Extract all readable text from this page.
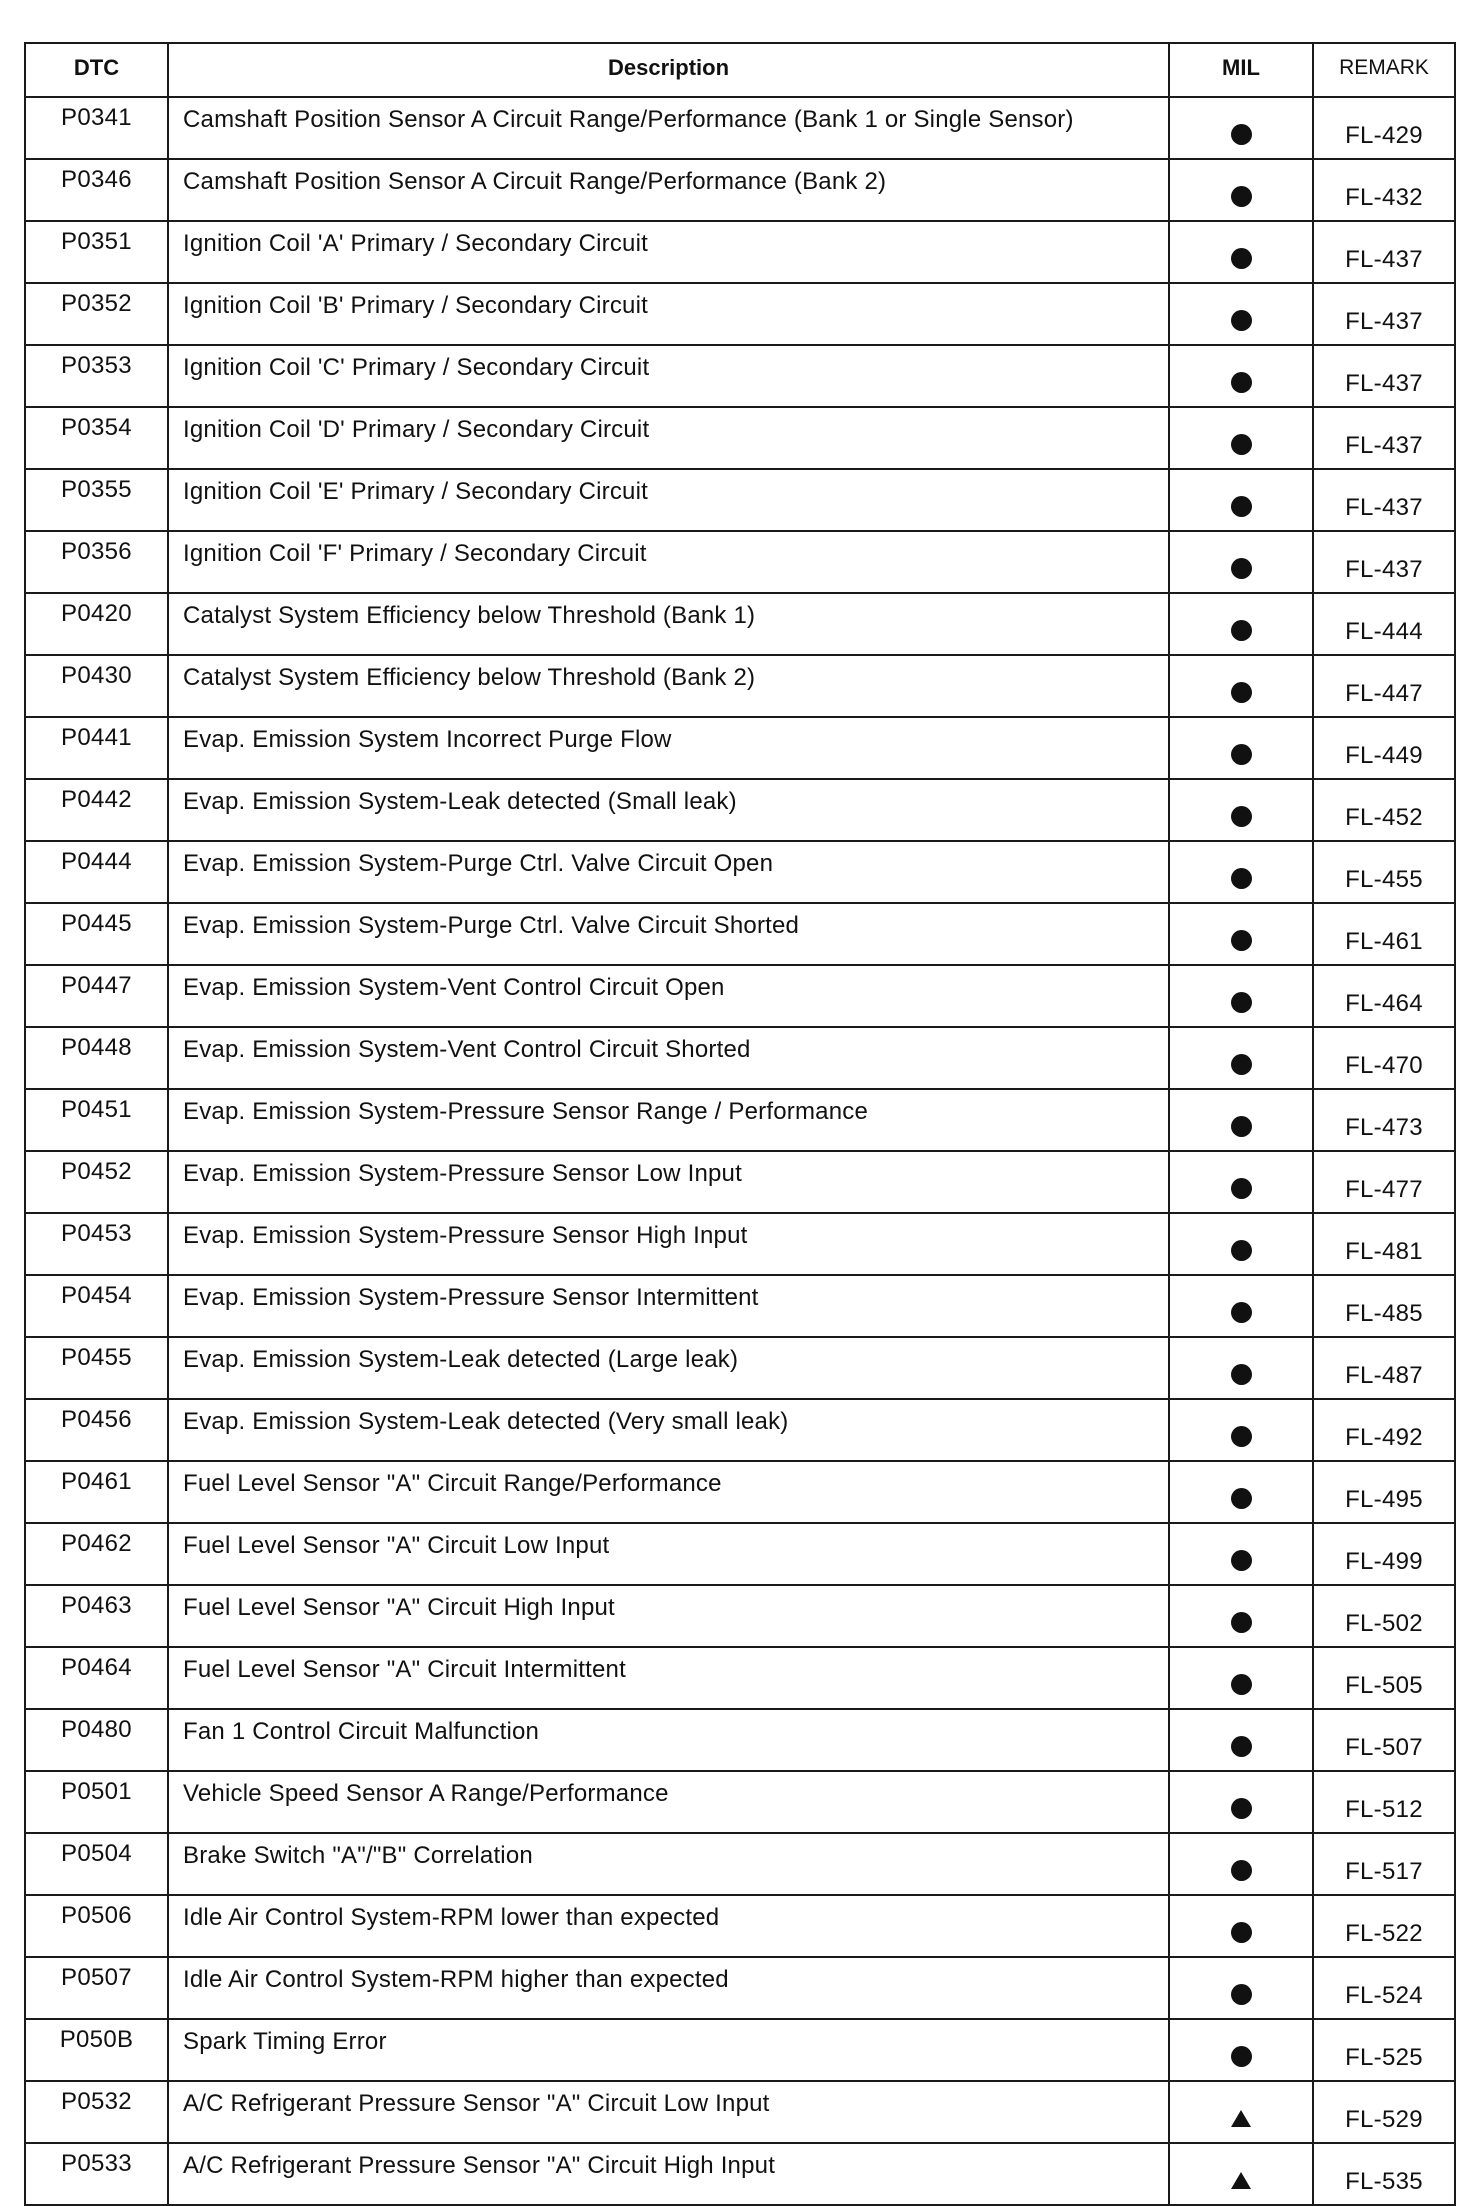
DTC	Description	MIL	REMARK
P0341	Camshaft Position Sensor A Circuit Range/Performance (Bank 1 or Single Sensor)		FL-429
P0346	Camshaft Position Sensor A Circuit Range/Performance (Bank 2)		FL-432
P0351	Ignition Coil 'A' Primary / Secondary Circuit		FL-437
P0352	Ignition Coil 'B' Primary / Secondary Circuit		FL-437
P0353	Ignition Coil 'C' Primary / Secondary Circuit		FL-437
P0354	Ignition Coil 'D' Primary / Secondary Circuit		FL-437
P0355	Ignition Coil 'E' Primary / Secondary Circuit		FL-437
P0356	Ignition Coil 'F' Primary / Secondary Circuit		FL-437
P0420	Catalyst System Efficiency below Threshold (Bank 1)		FL-444
P0430	Catalyst System Efficiency below Threshold (Bank 2)		FL-447
P0441	Evap. Emission System Incorrect Purge Flow		FL-449
P0442	Evap. Emission System-Leak detected (Small leak)		FL-452
P0444	Evap. Emission System-Purge Ctrl. Valve Circuit Open		FL-455
P0445	Evap. Emission System-Purge Ctrl. Valve Circuit Shorted		FL-461
P0447	Evap. Emission System-Vent Control Circuit Open		FL-464
P0448	Evap. Emission System-Vent Control Circuit Shorted		FL-470
P0451	Evap. Emission System-Pressure Sensor Range / Performance		FL-473
P0452	Evap. Emission System-Pressure Sensor Low Input		FL-477
P0453	Evap. Emission System-Pressure Sensor High Input		FL-481
P0454	Evap. Emission System-Pressure Sensor Intermittent		FL-485
P0455	Evap. Emission System-Leak detected (Large leak)		FL-487
P0456	Evap. Emission System-Leak detected (Very small leak)		FL-492
P0461	Fuel Level Sensor "A" Circuit Range/Performance		FL-495
P0462	Fuel Level Sensor "A" Circuit Low Input		FL-499
P0463	Fuel Level Sensor "A" Circuit High Input		FL-502
P0464	Fuel Level Sensor "A" Circuit Intermittent		FL-505
P0480	Fan 1 Control Circuit Malfunction		FL-507
P0501	Vehicle Speed Sensor A Range/Performance		FL-512
P0504	Brake Switch "A"/"B" Correlation		FL-517
P0506	Idle Air Control System-RPM lower than expected		FL-522
P0507	Idle Air Control System-RPM higher than expected		FL-524
P050B	Spark Timing Error		FL-525
P0532	A/C Refrigerant Pressure Sensor "A" Circuit Low Input		FL-529
P0533	A/C Refrigerant Pressure Sensor "A" Circuit High Input		FL-535
